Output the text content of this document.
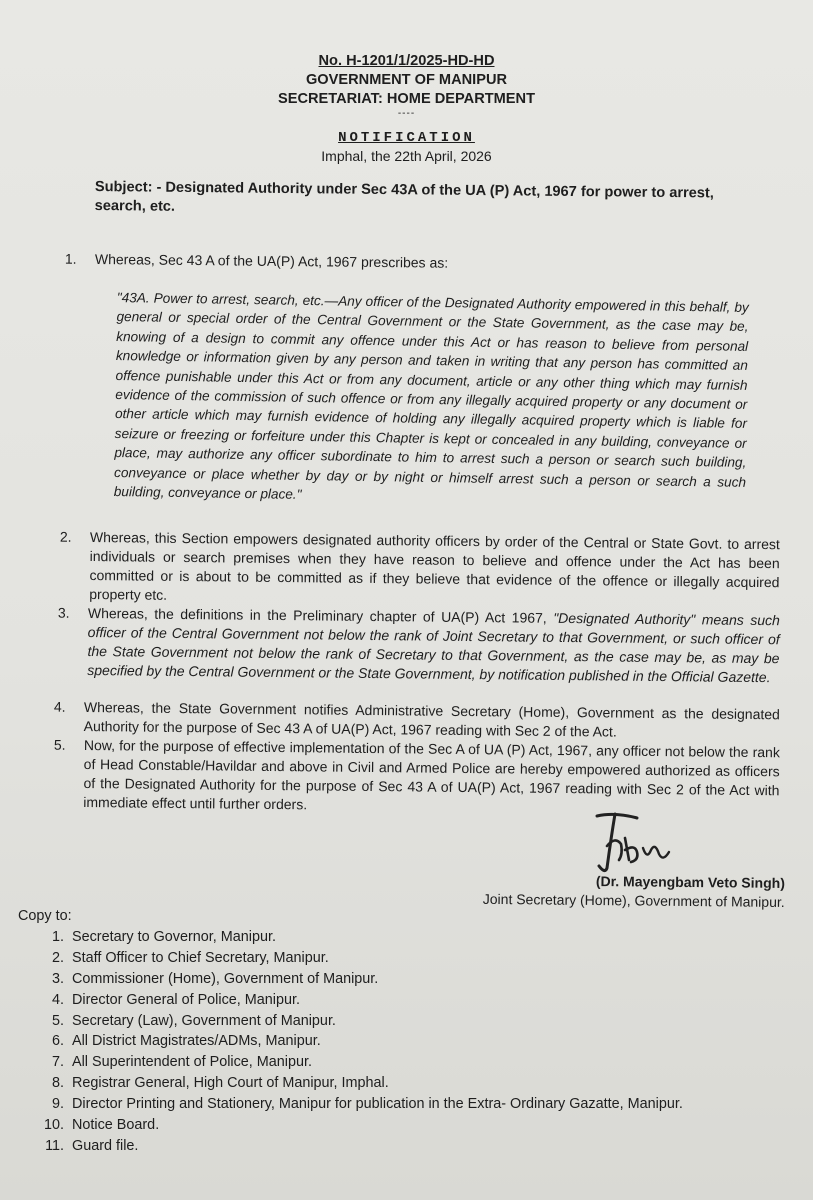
No. H-1201/1/2025-HD-HD
GOVERNMENT OF MANIPUR
SECRETARIAT: HOME DEPARTMENT
----
NOTIFICATION
Imphal, the 22th April, 2026
Subject: - Designated Authority under Sec 43A of the UA (P) Act, 1967 for power to arrest, search, etc.
1. Whereas, Sec 43 A of the UA(P) Act, 1967 prescribes as:
"43A. Power to arrest, search, etc.—Any officer of the Designated Authority empowered in this behalf, by general or special order of the Central Government or the State Government, as the case may be, knowing of a design to commit any offence under this Act or has reason to believe from personal knowledge or information given by any person and taken in writing that any person has committed an offence punishable under this Act or from any document, article or any other thing which may furnish evidence of the commission of such offence or from any illegally acquired property or any document or other article which may furnish evidence of holding any illegally acquired property which is liable for seizure or freezing or forfeiture under this Chapter is kept or concealed in any building, conveyance or place, may authorize any officer subordinate to him to arrest such a person or search such building, conveyance or place whether by day or by night or himself arrest such a person or search a such building, conveyance or place."
2. Whereas, this Section empowers designated authority officers by order of the Central or State Govt. to arrest individuals or search premises when they have reason to believe and offence under the Act has been committed or is about to be committed as if they believe that evidence of the offence or illegally acquired property etc.
3. Whereas, the definitions in the Preliminary chapter of UA(P) Act 1967, "Designated Authority" means such officer of the Central Government not below the rank of Joint Secretary to that Government, or such officer of the State Government not below the rank of Secretary to that Government, as the case may be, as may be specified by the Central Government or the State Government, by notification published in the Official Gazette.
4. Whereas, the State Government notifies Administrative Secretary (Home), Government as the designated Authority for the purpose of Sec 43 A of UA(P) Act, 1967 reading with Sec 2 of the Act.
5. Now, for the purpose of effective implementation of the Sec A of UA (P) Act, 1967, any officer not below the rank of Head Constable/Havildar and above in Civil and Armed Police are hereby empowered authorized as officers of the Designated Authority for the purpose of Sec 43 A of UA(P) Act, 1967 reading with Sec 2 of the Act with immediate effect until further orders.
(Dr. Mayengbam Veto Singh)
Joint Secretary (Home), Government of Manipur.
Copy to:
1. Secretary to Governor, Manipur.
2. Staff Officer to Chief Secretary, Manipur.
3. Commissioner (Home), Government of Manipur.
4. Director General of Police, Manipur.
5. Secretary (Law), Government of Manipur.
6. All District Magistrates/ADMs, Manipur.
7. All Superintendent of Police, Manipur.
8. Registrar General, High Court of Manipur, Imphal.
9. Director Printing and Stationery, Manipur for publication in the Extra- Ordinary Gazatte, Manipur.
10. Notice Board.
11. Guard file.
